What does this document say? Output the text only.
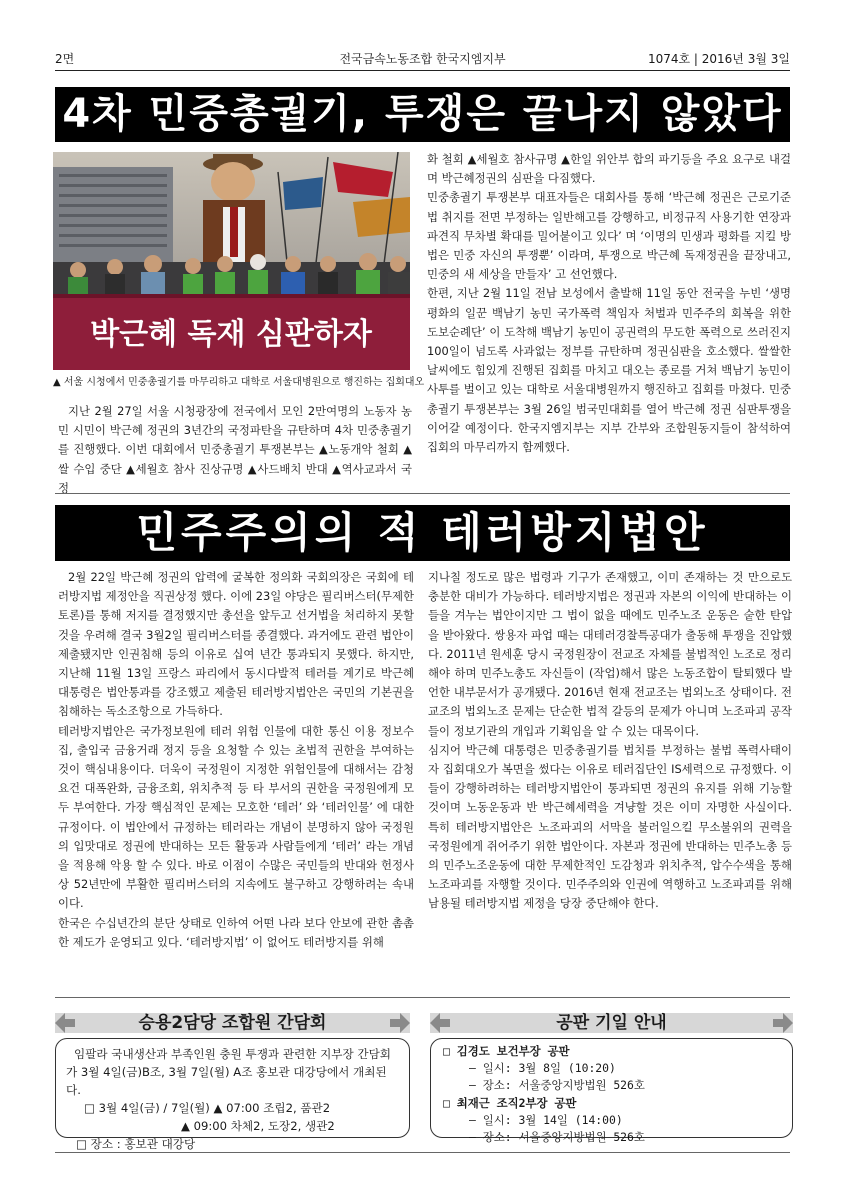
2면	전국금속노동조합 한국지엠지부	1074호 | 2016년 3월 3일
4차 민중총궐기, 투쟁은 끝나지 않았다
박근혜 독재 심판하자
▲ 서울 시청에서 민중총궐기를 마무리하고 대학로 서울대병원으로 행진하는 집회대오

지난 2월 27일 서울 시청광장에 전국에서 모인 2만여명의 노동자 농민 시민이 박근혜 정권의 3년간의 국정파탄을 규탄하며 4차 민중총궐기를 진행했다. 이번 대회에서 민중총궐기 투쟁본부는 ▲노동개악 철회 ▲쌀 수입 중단 ▲세월호 참사 진상규명 ▲사드배치 반대 ▲역사교과서 국정

화 철회 ▲세월호 참사규명 ▲한일 위안부 합의 파기등을 주요 요구로 내걸며 박근혜정권의 심판을 다짐했다.

민중총궐기 투쟁본부 대표자들은 대회사를 통해 ‘박근혜 정권은 근로기준법 취지를 전면 부정하는 일반해고를 강행하고, 비정규직 사용기한 연장과 파견직 무차별 확대를 밀어붙이고 있다’ 며 ‘이명의 민생과 평화를 지킬 방법은 민중 자신의 투쟁뿐’ 이라며, 투쟁으로 박근혜 독재정권을 끝장내고, 민중의 새 세상을 만들자’ 고 선언했다.

한편, 지난 2월 11일 전남 보성에서 출발해 11일 동안 전국을 누빈 ‘생명평화의 일꾼 백남기 농민 국가폭력 책임자 처벌과 민주주의 회복을 위한 도보순례단’ 이 도착해 백남기 농민이 공권력의 무도한 폭력으로 쓰러진지 100일이 넘도록 사과없는 정부를 규탄하며 정권심판을 호소했다. 쌀쌀한 날씨에도 힘있게 진행된 집회를 마치고 대오는 종로를 거쳐 백남기 농민이 사투를 벌이고 있는 대학로 서울대병원까지 행진하고 집회를 마쳤다. 민중총궐기 투쟁본부는 3월 26일 범국민대회를 열어 박근혜 정권 심판투쟁을 이어갈 예정이다. 한국지엠지부는 지부 간부와 조합원동지들이 참석하여 집회의 마무리까지 함께했다.

민주주의의 적 테러방지법안

2월 22일 박근혜 정권의 압력에 굴복한 정의화 국회의장은 국회에 테러방지법 제정안을 직권상정 했다. 이에 23일 야당은 필리버스터(무제한 토론)를 통해 저지를 결정했지만 총선을 앞두고 선거법을 처리하지 못할 것을 우려해 결국 3월2일 필리버스터를 종결했다. 과거에도 관련 법안이 제출됐지만 인권침해 등의 이유로 십여 년간 통과되지 못했다. 하지만, 지난해 11월 13일 프랑스 파리에서 동시다발적 테러를 계기로 박근혜 대통령은 법안통과를 강조했고 제출된 테러방지법안은 국민의 기본권을 침해하는 독소조항으로 가득하다.

테러방지법안은 국가정보원에 테러 위험 인물에 대한 통신 이용 정보수집, 출입국 금융거래 정지 등을 요청할 수 있는 초법적 권한을 부여하는 것이 핵심내용이다. 더욱이 국정원이 지정한 위험인물에 대해서는 감청요건 대폭완화, 금융조회, 위치추적 등 타 부서의 권한을 국정원에게 모두 부여한다. 가장 핵심적인 문제는 모호한 ‘테러’ 와 ‘테러인물’ 에 대한 규정이다. 이 법안에서 규정하는 테러라는 개념이 분명하지 않아 국정원의 입맛대로 정권에 반대하는 모든 활동과 사람들에게 ‘테러’ 라는 개념을 적용해 악용 할 수 있다. 바로 이점이 수많은 국민들의 반대와 헌정사상 52년만에 부활한 필리버스터의 지속에도 불구하고 강행하려는 속내이다.

한국은 수십년간의 분단 상태로 인하여 어떤 나라 보다 안보에 관한 촘촘한 제도가 운영되고 있다. ‘테러방지법’ 이 없어도 테러방지를 위해

지나칠 정도로 많은 법령과 기구가 존재했고, 이미 존재하는 것 만으로도 충분한 대비가 가능하다. 테러방지법은 정권과 자본의 이익에 반대하는 이들을 겨누는 법안이지만 그 법이 없을 때에도 민주노조 운동은 숱한 탄압을 받아왔다. 쌍용자 파업 때는 대테러경찰특공대가 출동해 투쟁을 진압했다. 2011년 원세훈 당시 국정원장이 전교조 자체를 불법적인 노조로 정리해야 하며 민주노총도 자신들이 (작업)해서 많은 노동조합이 탈퇴했다 발언한 내부문서가 공개됐다. 2016년 현재 전교조는 법외노조 상태이다. 전교조의 법외노조 문제는 단순한 법적 갈등의 문제가 아니며 노조파괴 공작들이 정보기관의 개입과 기획임을 알 수 있는 대목이다.

심지어 박근혜 대통령은 민중총궐기를 법치를 부정하는 불법 폭력사태이자 집회대오가 복면을 썼다는 이유로 테러집단인 IS세력으로 규정했다. 이들이 강행하려하는 테러방지법안이 통과되면 정권의 유지를 위해 기능할 것이며 노동운동과 반 박근혜세력을 겨냥할 것은 이미 자명한 사실이다. 특히 테러방지법안은 노조파괴의 서막을 불러일으킬 무소불위의 권력을 국정원에게 쥐어주기 위한 법안이다. 자본과 정권에 반대하는 민주노총 등의 민주노조운동에 대한 무제한적인 도감청과 위치추적, 압수수색을 통해 노조파괴를 자행할 것이다. 민주주의와 인권에 역행하고 노조파괴를 위해 남용될 테러방지법 제정을 당장 중단해야 한다.

승용2담당 조합원 간담회
임팔라 국내생산과 부족인원 충원 투쟁과 관련한 지부장 간담회가 3월 4일(금)B조, 3월 7일(월) A조 홍보관 대강당에서 개최된다.
□ 3월 4일(금) / 7일(월) ▲ 07:00 조립2, 품관2
▲ 09:00 차체2, 도장2, 생관2
□ 장소 : 홍보관 대강당
공판 기일 안내
□ 김경도 보건부장 공판
– 일시: 3월 8일 (10:20)
– 장소: 서울중앙지방법원 526호
□ 최재근 조직2부장 공판
– 일시: 3월 14일 (14:00)
– 장소: 서울중앙지방법원 526호
